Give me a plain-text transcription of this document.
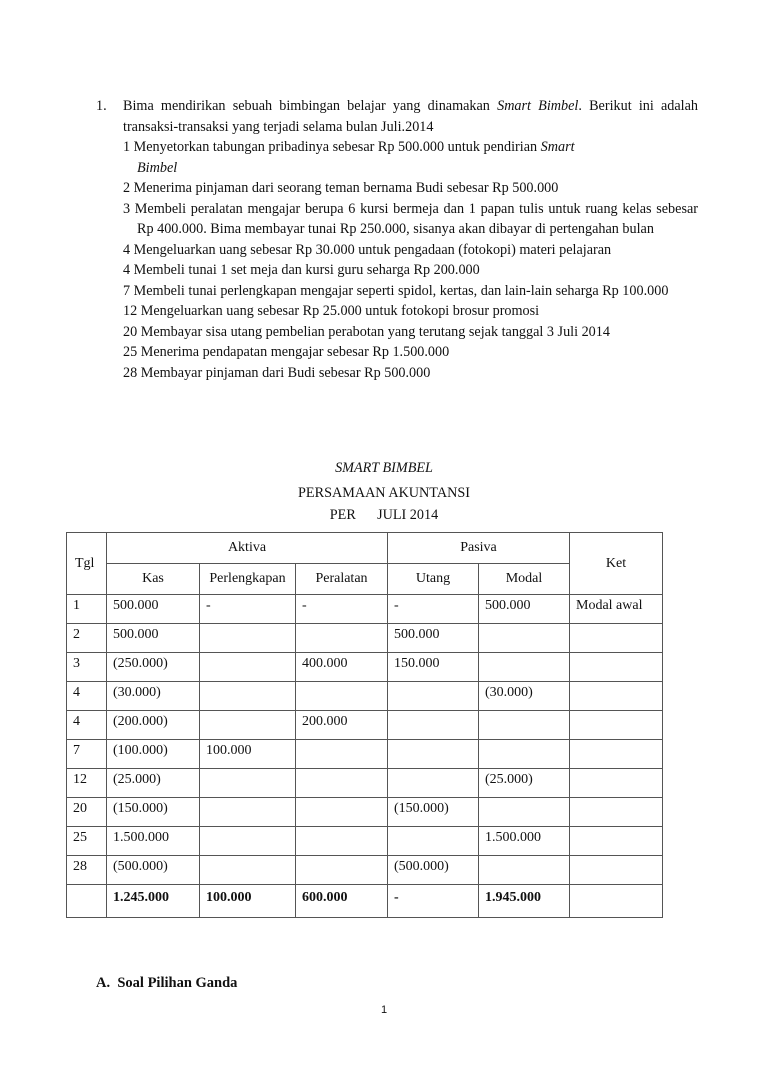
1. Bima mendirikan sebuah bimbingan belajar yang dinamakan Smart Bimbel. Berikut ini adalah transaksi-transaksi yang terjadi selama bulan Juli.2014
1 Menyetorkan tabungan pribadinya sebesar Rp 500.000 untuk pendirian Smart
Bimbel
2 Menerima pinjaman dari seorang teman bernama Budi sebesar Rp 500.000
3 Membeli peralatan mengajar berupa 6 kursi bermeja dan 1 papan tulis untuk ruang kelas sebesar Rp 400.000. Bima membayar tunai Rp 250.000, sisanya akan dibayar di pertengahan bulan
4 Mengeluarkan uang sebesar Rp 30.000 untuk pengadaan (fotokopi) materi pelajaran
4 Membeli tunai 1 set meja dan kursi guru seharga Rp 200.000
7 Membeli tunai perlengkapan mengajar seperti spidol, kertas, dan lain-lain seharga Rp 100.000
12 Mengeluarkan uang sebesar Rp 25.000 untuk fotokopi brosur promosi
20 Membayar sisa utang pembelian perabotan yang terutang sejak tanggal 3 Juli 2014
25 Menerima pendapatan mengajar sebesar Rp 1.500.000
28 Membayar pinjaman dari Budi sebesar Rp 500.000
SMART BIMBEL
PERSAMAAN AKUNTANSI
PER      JULI 2014
Tgl	Aktiva			Pasiva		Ket
	Kas	Perlengkapan	Peralatan	Utang	Modal	
1	500.000	-	-	-	500.000	Modal awal
2	500.000			500.000		
3	(250.000)		400.000	150.000		
4	(30.000)				(30.000)	
4	(200.000)		200.000			
7	(100.000)	100.000				
12	(25.000)				(25.000)	
20	(150.000)			(150.000)		
25	1.500.000				1.500.000	
28	(500.000)			(500.000)		
	1.245.000	100.000	600.000	-	1.945.000	
A.  Soal Pilihan Ganda
1
